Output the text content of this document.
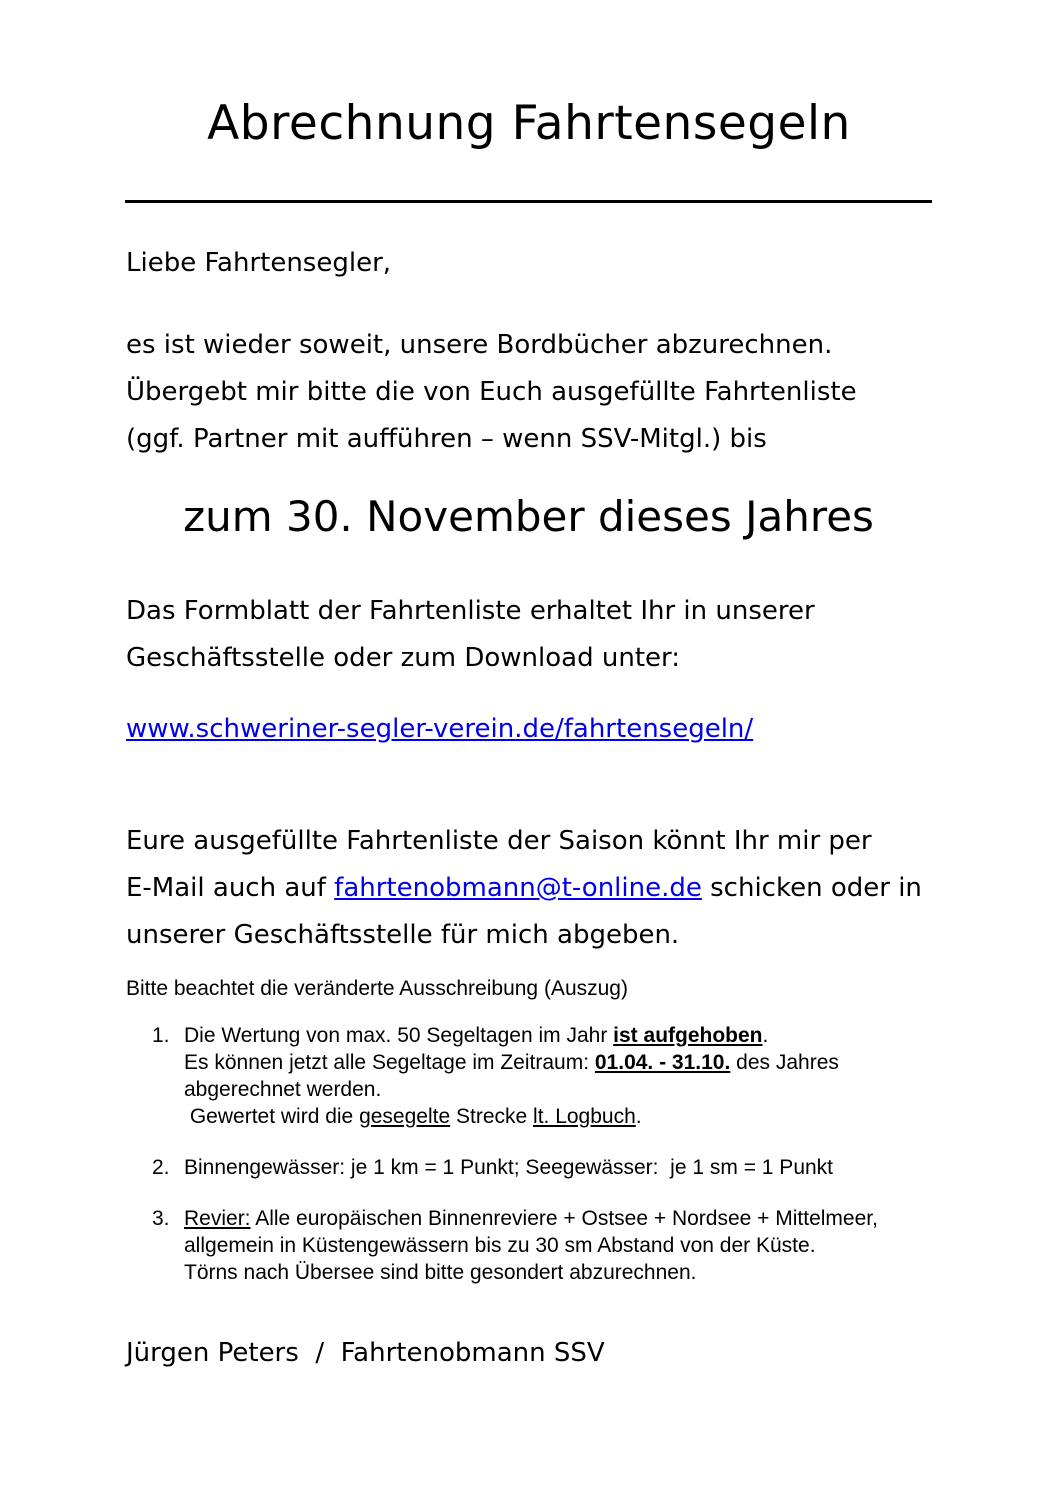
Abrechnung Fahrtensegeln
Liebe Fahrtensegler,
es ist wieder soweit, unsere Bordbücher abzurechnen.
Übergebt mir bitte die von Euch ausgefüllte Fahrtenliste
(ggf. Partner mit aufführen – wenn SSV-Mitgl.) bis
zum 30. November dieses Jahres
Das Formblatt der Fahrtenliste erhaltet Ihr in unserer
Geschäftsstelle oder zum Download unter:
www.schweriner-segler-verein.de/fahrtensegeln/
Eure ausgefüllte Fahrtenliste der Saison könnt Ihr mir per
E-Mail auch auf fahrtenobmann@t-online.de schicken oder in
unserer Geschäftsstelle für mich abgeben.
Bitte beachtet die veränderte Ausschreibung (Auszug)
1. Die Wertung von max. 50 Segeltagen im Jahr ist aufgehoben.
Es können jetzt alle Segeltage im Zeitraum: 01.04. - 31.10. des Jahres
abgerechnet werden.
Gewertet wird die gesegelte Strecke lt. Logbuch.
2. Binnengewässer: je 1 km = 1 Punkt; Seegewässer:  je 1 sm = 1 Punkt
3. Revier: Alle europäischen Binnenreviere + Ostsee + Nordsee + Mittelmeer,
allgemein in Küstengewässern bis zu 30 sm Abstand von der Küste.
Törns nach Übersee sind bitte gesondert abzurechnen.
Jürgen Peters  /  Fahrtenobmann SSV
